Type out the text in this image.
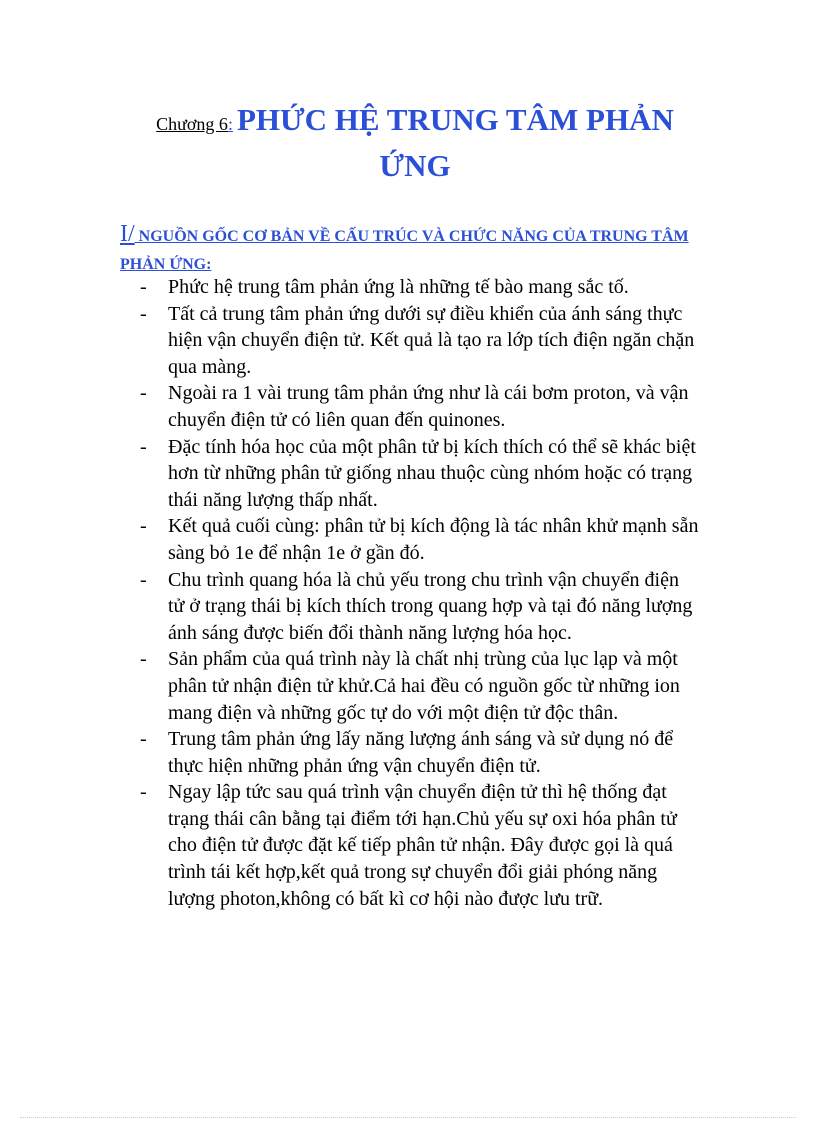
Chương 6: PHỨC HỆ TRUNG TÂM PHẢN ỨNG
I/ NGUỒN GỐC CƠ BẢN VỀ CẤU TRÚC VÀ CHỨC NĂNG CỦA TRUNG TÂM PHẢN ỨNG:
- Phức hệ trung tâm phản ứng là những tế bào mang sắc tố.
- Tất cả trung tâm phản ứng dưới sự điều khiển của ánh sáng thực hiện vận chuyển điện tử. Kết quả là tạo ra lớp tích điện ngăn chặn qua màng.
- Ngoài ra 1 vài trung tâm phản ứng như là cái bơm proton, và vận chuyển điện tử có liên quan đến quinones.
- Đặc tính hóa học của một phân tử bị kích thích có thể sẽ khác biệt hơn từ những phân tử giống nhau thuộc cùng nhóm hoặc có trạng thái năng lượng thấp nhất.
- Kết quả cuối cùng: phân tử bị kích động là tác nhân khử mạnh sẵn sàng bỏ 1e để nhận 1e ở gần đó.
- Chu trình quang hóa là chủ yếu trong chu trình vận chuyển điện tử ở trạng thái bị kích thích trong quang hợp và tại đó năng lượng ánh sáng được biến đổi thành năng lượng hóa học.
- Sản phẩm của quá trình này là chất nhị trùng của lục lạp và một phân tử nhận điện tử khử.Cả hai đều có nguồn gốc từ những ion mang điện và những gốc tự do với một điện tử độc thân.
- Trung tâm phản ứng lấy năng lượng ánh sáng và sử dụng nó để thực hiện những phản ứng vận chuyển điện tử.
- Ngay lập tức sau quá trình vận chuyển điện tử thì hệ thống đạt trạng thái cân bằng tại điểm tới hạn.Chủ yếu sự oxi hóa phân tử cho điện tử được đặt kế tiếp phân tử nhận. Đây được gọi là quá trình tái kết hợp,kết quả trong sự chuyển đổi giải phóng năng lượng photon,không có bất kì cơ hội nào được lưu trữ.
